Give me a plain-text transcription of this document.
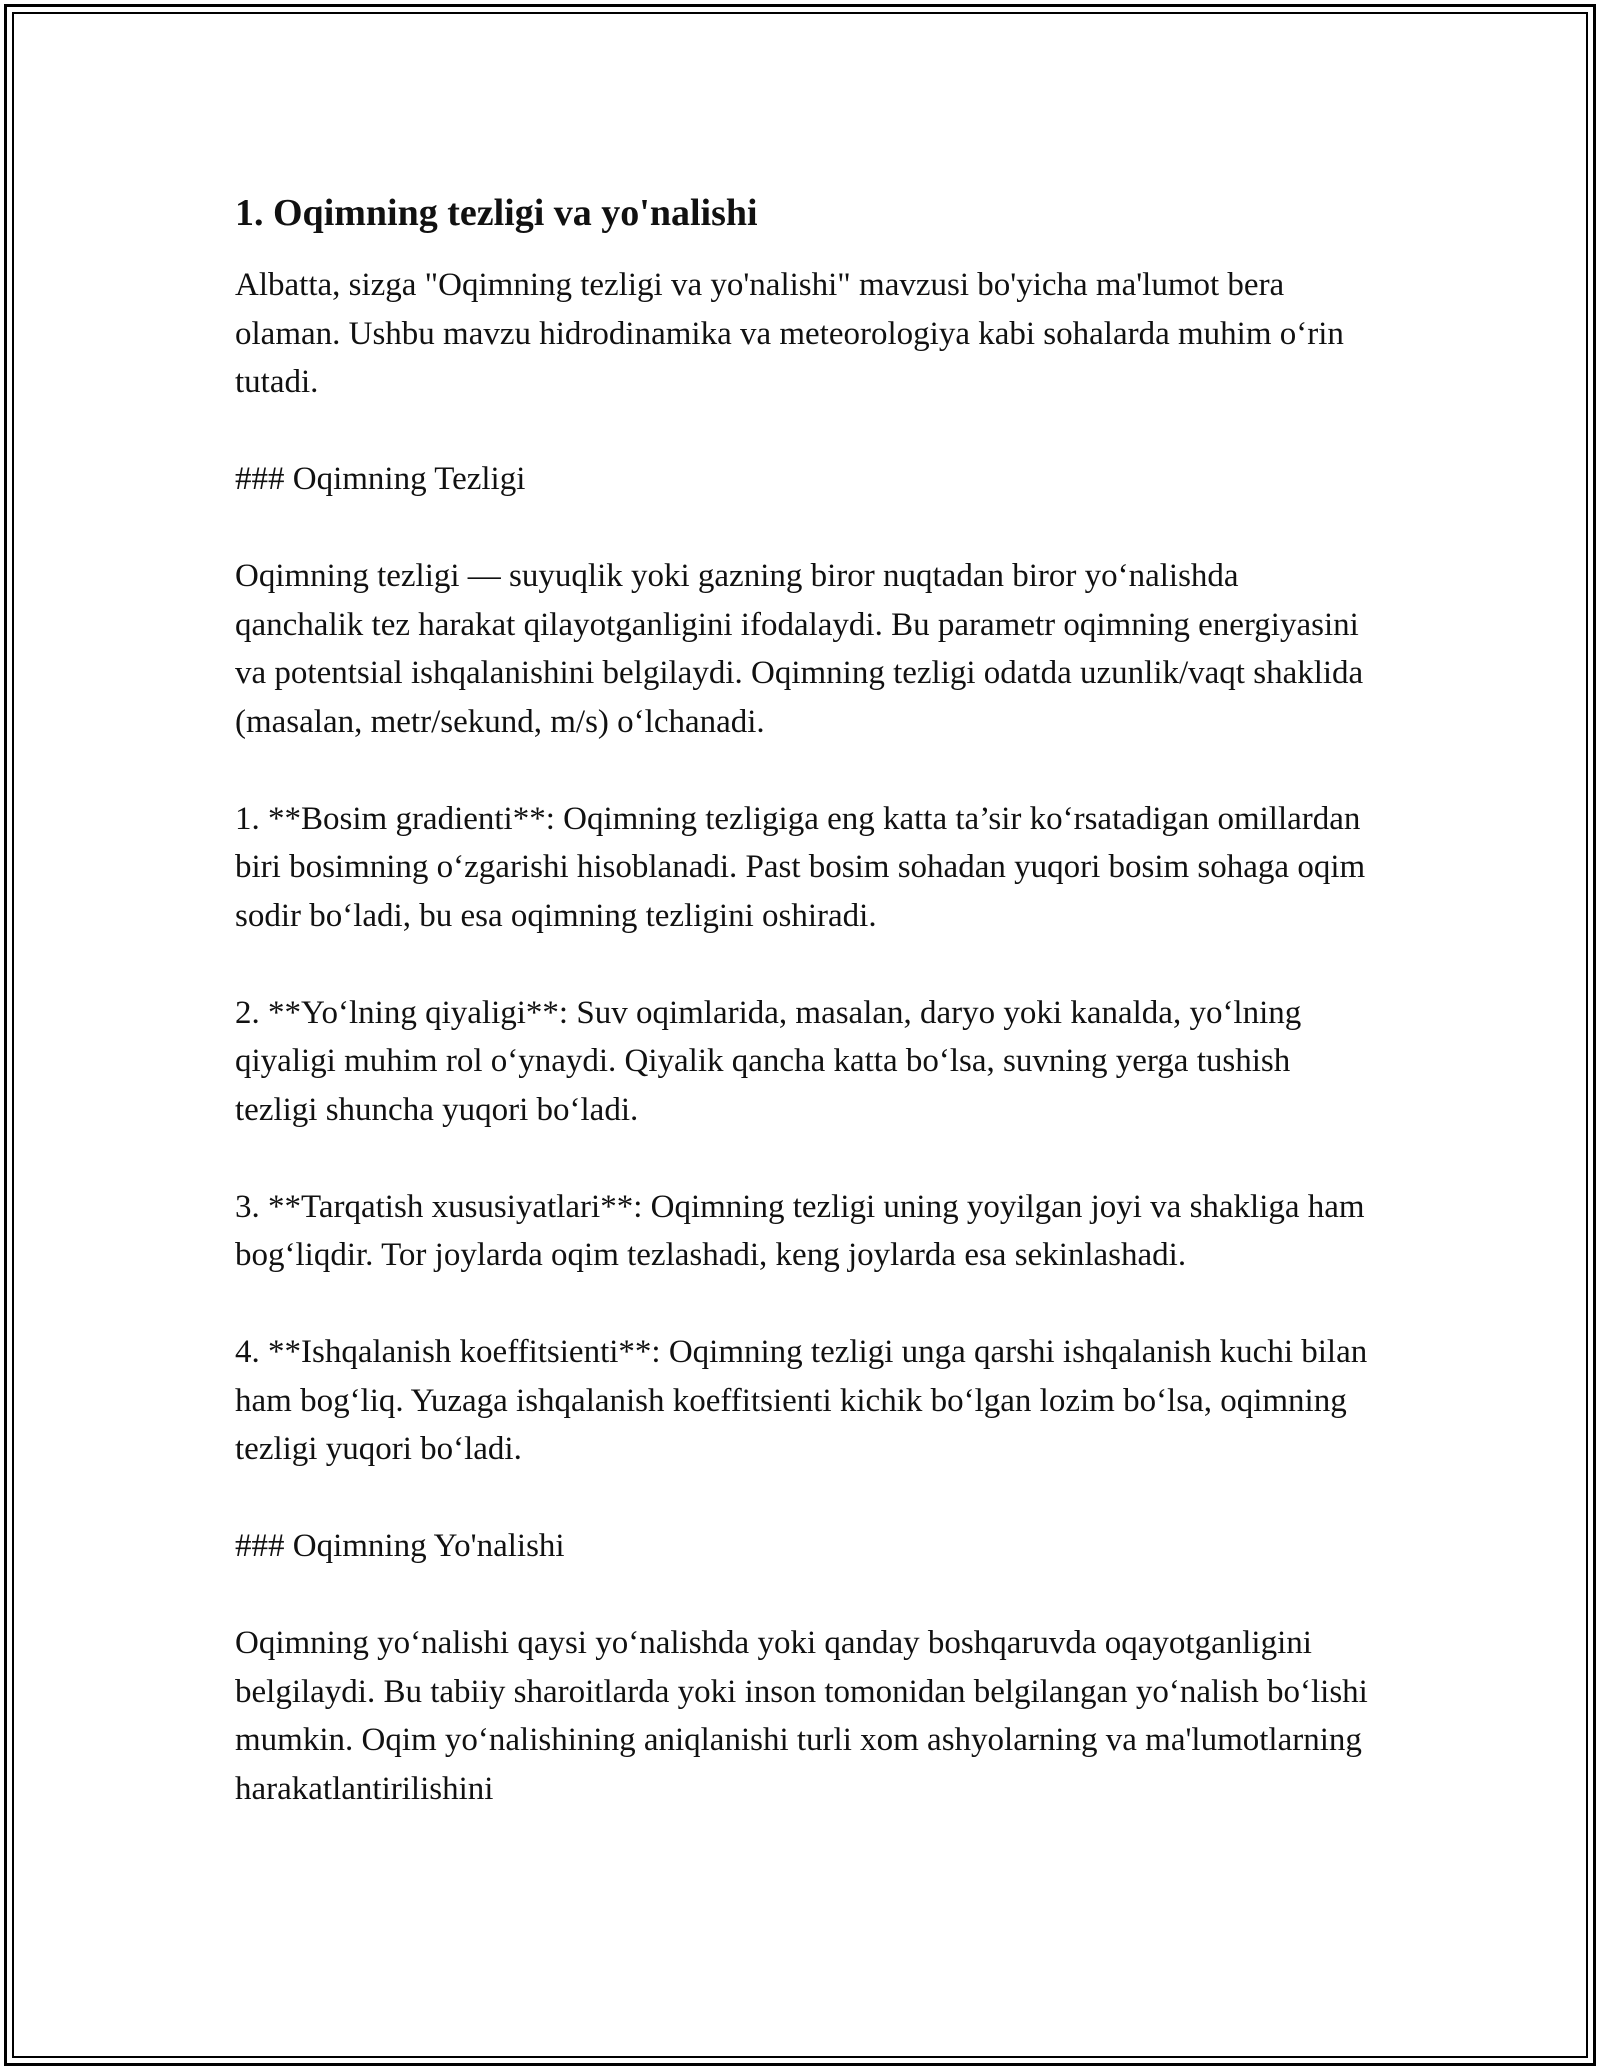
1. Oqimning tezligi va yo'nalishi
Albatta, sizga "Oqimning tezligi va yo'nalishi" mavzusi bo'yicha ma'lumot bera olaman. Ushbu mavzu hidrodinamika va meteorologiya kabi sohalarda muhim o‘rin tutadi.
### Oqimning Tezligi
Oqimning tezligi — suyuqlik yoki gazning biror nuqtadan biror yo‘nalishda qanchalik tez harakat qilayotganligini ifodalaydi. Bu parametr oqimning energiyasini va potentsial ishqalanishini belgilaydi. Oqimning tezligi odatda uzunlik/vaqt shaklida (masalan, metr/sekund, m/s) o‘lchanadi.
1. **Bosim gradienti**: Oqimning tezligiga eng katta ta’sir ko‘rsatadigan omillardan biri bosimning o‘zgarishi hisoblanadi. Past bosim sohadan yuqori bosim sohaga oqim sodir bo‘ladi, bu esa oqimning tezligini oshiradi.
2. **Yo‘lning qiyaligi**: Suv oqimlarida, masalan, daryo yoki kanalda, yo‘lning qiyaligi muhim rol o‘ynaydi. Qiyalik qancha katta bo‘lsa, suvning yerga tushish tezligi shuncha yuqori bo‘ladi.
3. **Tarqatish xususiyatlari**: Oqimning tezligi uning yoyilgan joyi va shakliga ham bog‘liqdir. Tor joylarda oqim tezlashadi, keng joylarda esa sekinlashadi.
4. **Ishqalanish koeffitsienti**: Oqimning tezligi unga qarshi ishqalanish kuchi bilan ham bog‘liq. Yuzaga ishqalanish koeffitsienti kichik bo‘lgan lozim bo‘lsa, oqimning tezligi yuqori bo‘ladi.
### Oqimning Yo'nalishi
Oqimning yo‘nalishi qaysi yo‘nalishda yoki qanday boshqaruvda oqayotganligini belgilaydi. Bu tabiiy sharoitlarda yoki inson tomonidan belgilangan yo‘nalish bo‘lishi mumkin. Oqim yo‘nalishining aniqlanishi turli xom ashyolarning va ma'lumotlarning harakatlantirilishini
